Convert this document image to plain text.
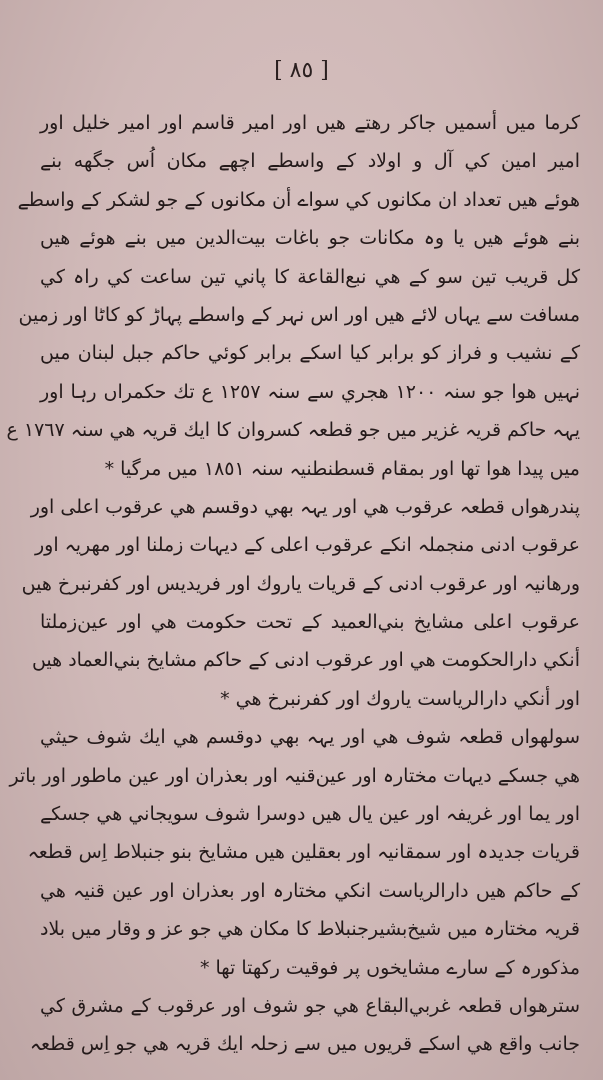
[ ٨٥ ]
كرما ميں أسميں جاكر رهتے هيں اور امير قاسم اور امير خليل اور
امير امين كي آل و اولاد كے واسطے اچھے مكان اُس جگهه بنے
هوئے هيں تعداد ان مكانوں كي سواے أن مكانوں كے جو لشكر كے واسطے
بنے هوئے هيں يا وہ مكانات جو باغات بيت‌الدين ميں بنے هوئے هيں
كل قريب تين سو كے هي نبع‌القاعة كا پاني تين ساعت كي راہ كي
مسافت سے يہاں لائے هيں اور اس نہر كے واسطے پہاڑ كو كاٹا اور زمين
كے نشيب و فراز كو برابر كيا اسكے برابر كوئي حاكم جبل لبنان ميں
نہيں هوا جو سنہ ١٢٠٠ هجري سے سنہ ١٢٥٧ ع تك حكمراں رہا اور
يہہ حاكم قريہ غزير ميں جو قطعہ كسروان كا ايك قريہ هي سنہ ١٧٦٧ ع
ميں پيدا هوا تھا اور بمقام قسطنطنيہ سنہ ١٨٥١ ميں مرگيا *
پندرهواں قطعہ عرقوب هي اور يہہ بهي دوقسم هي عرقوب اعلی اور
عرقوب ادنی منجملہ انكے عرقوب اعلی كے ديہات زملنا اور مهريہ اور
ورهانيہ اور عرقوب ادنی كے قريات ياروك اور فريديس اور كفرنبرخ هيں
عرقوب اعلی مشايخ بني‌العميد كے تحت حكومت هي اور عين‌زملتا
أنكي دارالحكومت هي اور عرقوب ادنی كے حاكم مشايخ بني‌العماد هيں
اور أنكي دارالرياست ياروك اور كفرنبرخ هي *
سولهواں قطعہ شوف هي اور يہہ بهي دوقسم هي ايك شوف حيثي
هي جسكے ديہات مختارہ اور عين‌قنيہ اور بعذران اور عين ماطور اور باتر
اور يما اور غريفہ اور عين يال هيں دوسرا شوف سويجاني هي جسكے
قريات جديدہ اور سمقانيہ اور بعقلين هيں مشايخ بنو جنبلاط اِس قطعہ
كے حاكم هيں دارالرياست انكي مختارہ اور بعذران اور عين قنيہ هي
قريہ مختارہ ميں شيخ‌بشيرجنبلاط كا مكان هي جو عز و وقار ميں بلاد
مذكورہ كے سارے مشايخوں پر فوقيت ركھتا تها *
سترهواں قطعہ غربي‌البقاع هي جو شوف اور عرقوب كے مشرق كي
جانب واقع هي اسكے قريوں ميں سے زحلہ ايك قريہ هي جو اِس قطعہ
